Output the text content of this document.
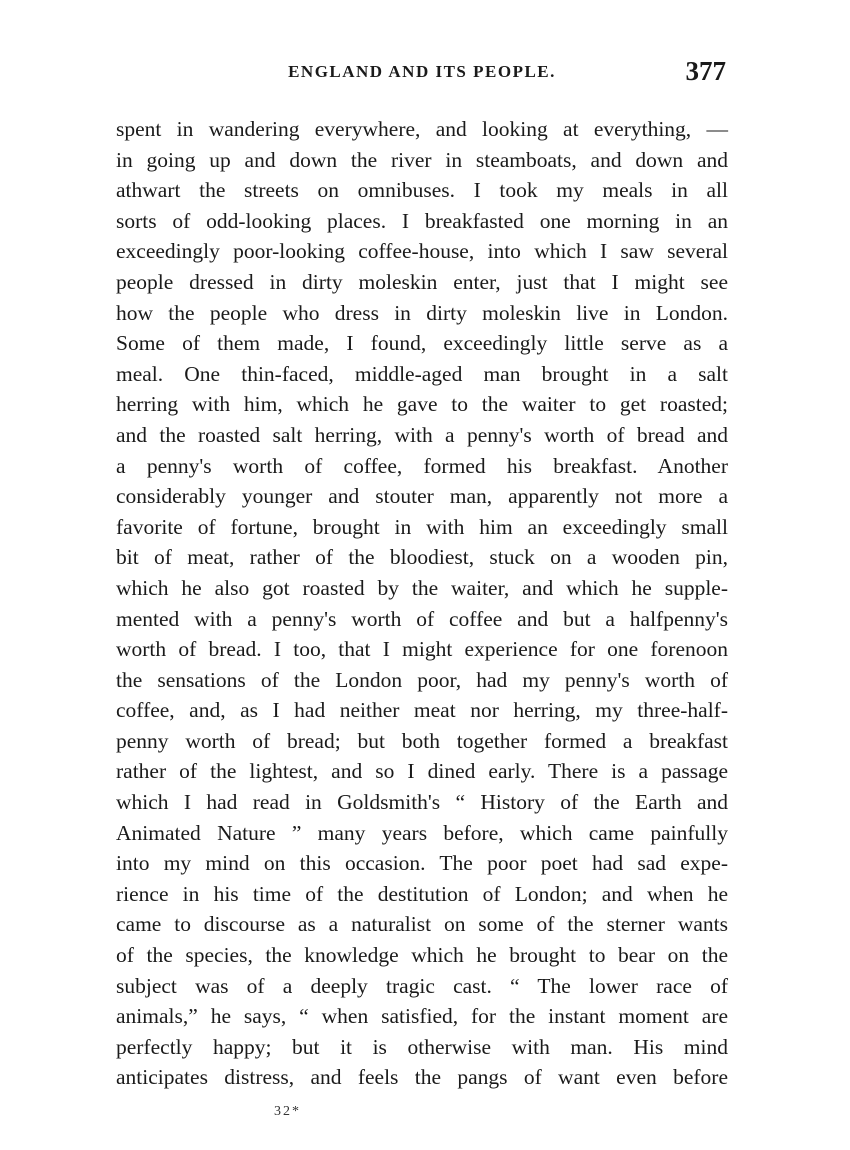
ENGLAND AND ITS PEOPLE.	377
spent in wandering everywhere, and looking at everything, —
in going up and down the river in steamboats, and down and
athwart the streets on omnibuses. I took my meals in all
sorts of odd-looking places. I breakfasted one morning in an
exceedingly poor-looking coffee-house, into which I saw several
people dressed in dirty moleskin enter, just that I might see
how the people who dress in dirty moleskin live in London.
Some of them made, I found, exceedingly little serve as a
meal. One thin-faced, middle-aged man brought in a salt
herring with him, which he gave to the waiter to get roasted;
and the roasted salt herring, with a penny's worth of bread and
a penny's worth of coffee, formed his breakfast. Another
considerably younger and stouter man, apparently not more a
favorite of fortune, brought in with him an exceedingly small
bit of meat, rather of the bloodiest, stuck on a wooden pin,
which he also got roasted by the waiter, and which he supple-
mented with a penny's worth of coffee and but a halfpenny's
worth of bread. I too, that I might experience for one forenoon
the sensations of the London poor, had my penny's worth of
coffee, and, as I had neither meat nor herring, my three-half-
penny worth of bread; but both together formed a breakfast
rather of the lightest, and so I dined early. There is a passage
which I had read in Goldsmith's “ History of the Earth and
Animated Nature ” many years before, which came painfully
into my mind on this occasion. The poor poet had sad expe-
rience in his time of the destitution of London; and when he
came to discourse as a naturalist on some of the sterner wants
of the species, the knowledge which he brought to bear on the
subject was of a deeply tragic cast. “ The lower race of
animals,” he says, “ when satisfied, for the instant moment are
perfectly happy; but it is otherwise with man. His mind
anticipates distress, and feels the pangs of want even before
32*
